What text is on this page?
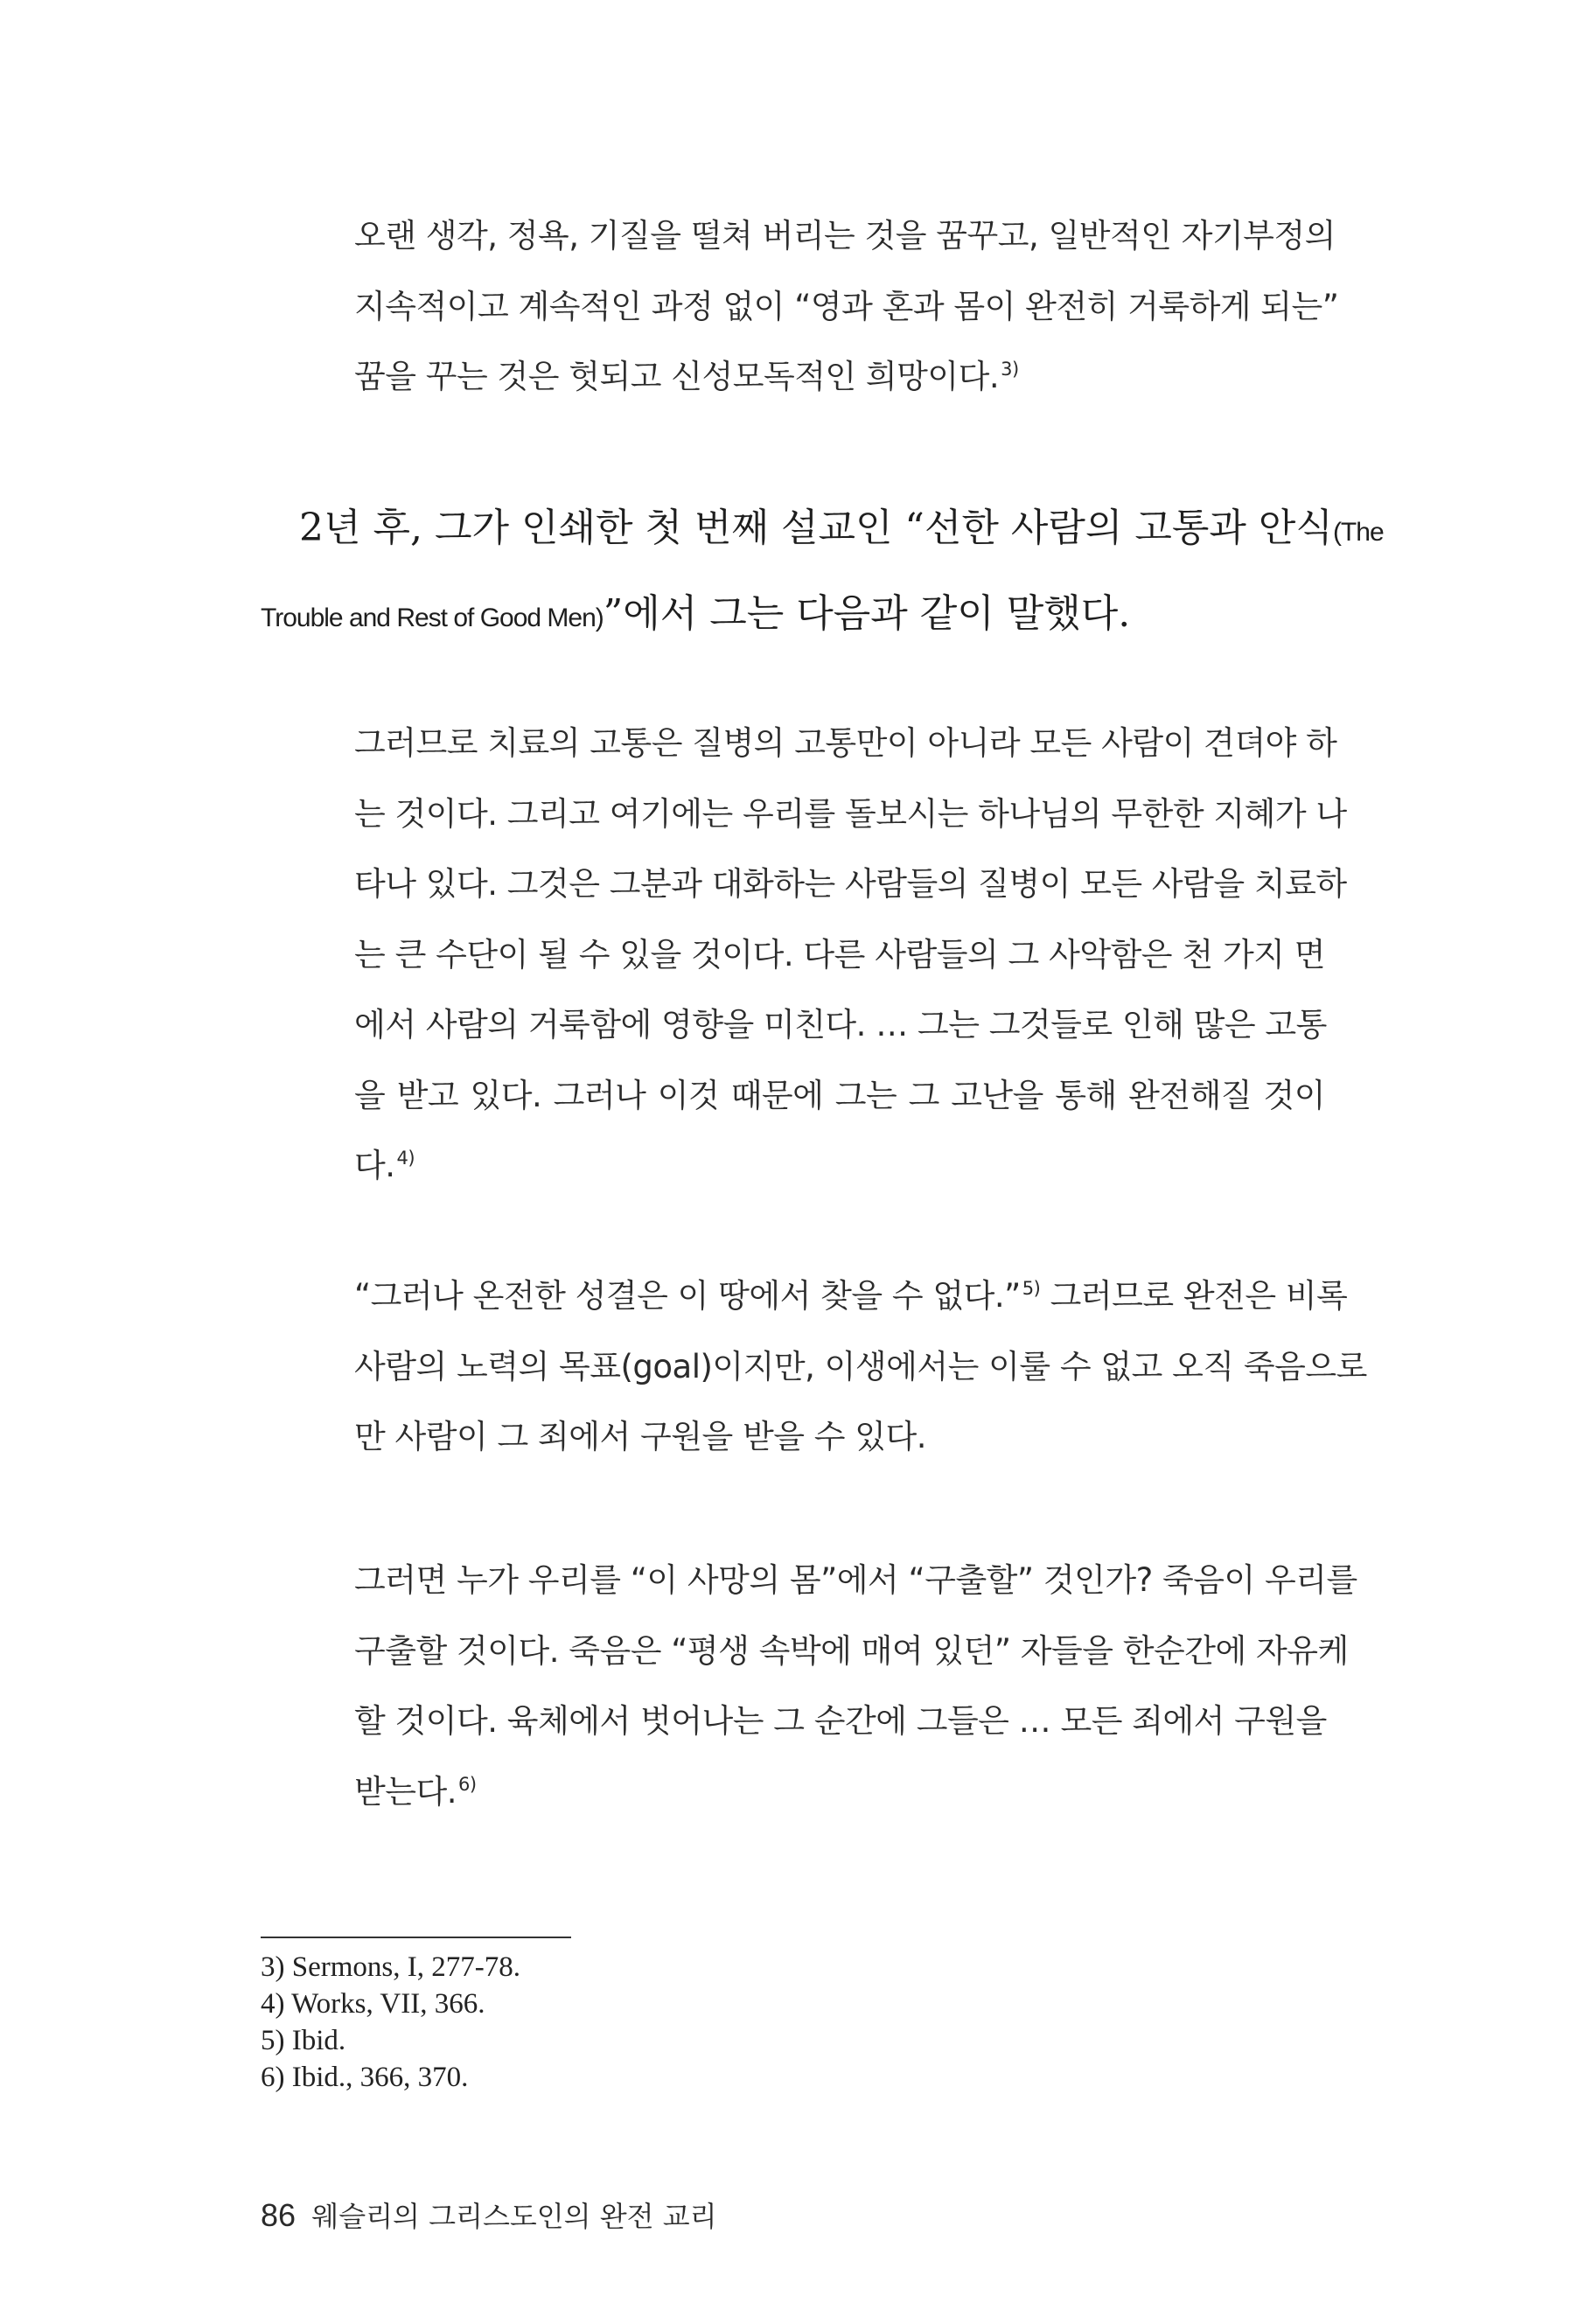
오랜 생각, 정욕, 기질을 떨쳐 버리는 것을 꿈꾸고, 일반적인 자기부정의
지속적이고 계속적인 과정 없이 “영과 혼과 몸이 완전히 거룩하게 되는”
꿈을 꾸는 것은 헛되고 신성모독적인 희망이다.$^{3)}$
2년 후, 그가 인쇄한 첫 번째 설교인 “선한 사람의 고통과 안식(The
Trouble and Rest of Good Men)”에서 그는 다음과 같이 말했다.
그러므로 치료의 고통은 질병의 고통만이 아니라 모든 사람이 견뎌야 하
는 것이다. 그리고 여기에는 우리를 돌보시는 하나님의 무한한 지혜가 나
타나 있다. 그것은 그분과 대화하는 사람들의 질병이 모든 사람을 치료하
는 큰 수단이 될 수 있을 것이다. 다른 사람들의 그 사악함은 천 가지 면
에서 사람의 거룩함에 영향을 미친다. … 그는 그것들로 인해 많은 고통
을 받고 있다. 그러나 이것 때문에 그는 그 고난을 통해 완전해질 것이
다.$^{4)}$
“그러나 온전한 성결은 이 땅에서 찾을 수 없다.”$^{5)}$ 그러므로 완전은 비록
사람의 노력의 목표(goal)이지만, 이생에서는 이룰 수 없고 오직 죽음으로
만 사람이 그 죄에서 구원을 받을 수 있다.
그러면 누가 우리를 “이 사망의 몸”에서 “구출할” 것인가? 죽음이 우리를
구출할 것이다. 죽음은 “평생 속박에 매여 있던” 자들을 한순간에 자유케
할 것이다. 육체에서 벗어나는 그 순간에 그들은 … 모든 죄에서 구원을
받는다.$^{6)}$
3) Sermons, I, 277-78.
4) Works, VII, 366.
5) Ibid.
6) Ibid., 366, 370.
86 웨슬리의 그리스도인의 완전 교리
